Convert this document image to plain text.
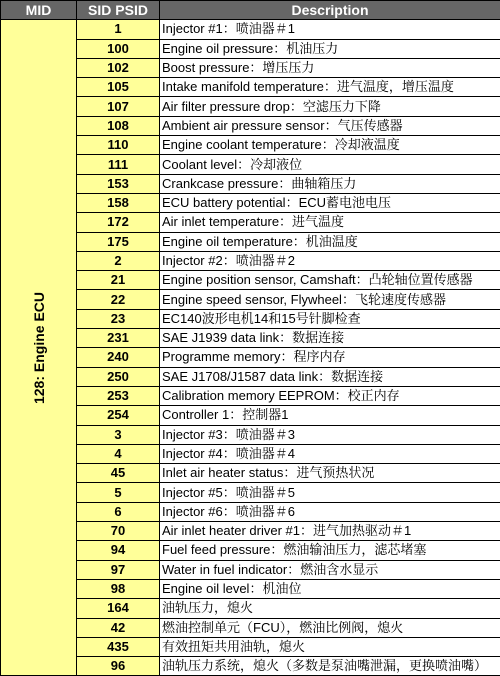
MID	SID PSID	Description

128: Engine ECU	1	Injector #1：喷油器＃1
	100	Engine oil pressure：机油压力
	102	Boost pressure：增压压力
	105	Intake manifold temperature：进气温度，增压温度
	107	Air filter pressure drop：空滤压力下降
	108	Ambient air pressure sensor：气压传感器
	110	Engine coolant temperature：冷却液温度
	111	Coolant level：冷却液位
	153	Crankcase pressure：曲轴箱压力
	158	ECU battery potential：ECU蓄电池电压
	172	Air inlet temperature：进气温度
	175	Engine oil temperature：机油温度
	2	Injector #2：喷油器＃2
	21	Engine position sensor, Camshaft：凸轮轴位置传感器
	22	Engine speed sensor, Flywheel：飞轮速度传感器
	23	EC140波形电机14和15号针脚检查
	231	SAE J1939 data link：数据连接
	240	Programme memory：程序内存
	250	SAE J1708/J1587 data link：数据连接
	253	Calibration memory EEPROM：校正内存
	254	Controller 1：控制器1
	3	Injector #3：喷油器＃3
	4	Injector #4：喷油器＃4
	45	Inlet air heater status：进气预热状况
	5	Injector #5：喷油器＃5
	6	Injector #6：喷油器＃6
	70	Air inlet heater driver #1：进气加热驱动＃1
	94	Fuel feed pressure：燃油输油压力，滤芯堵塞
	97	Water in fuel indicator：燃油含水显示
	98	Engine oil level：机油位
	164	油轨压力，熄火
	42	燃油控制单元（FCU），燃油比例阀，熄火
	435	有效扭矩共用油轨，熄火
	96	油轨压力系统，熄火（多数是泵油嘴泄漏，更换喷油嘴）
